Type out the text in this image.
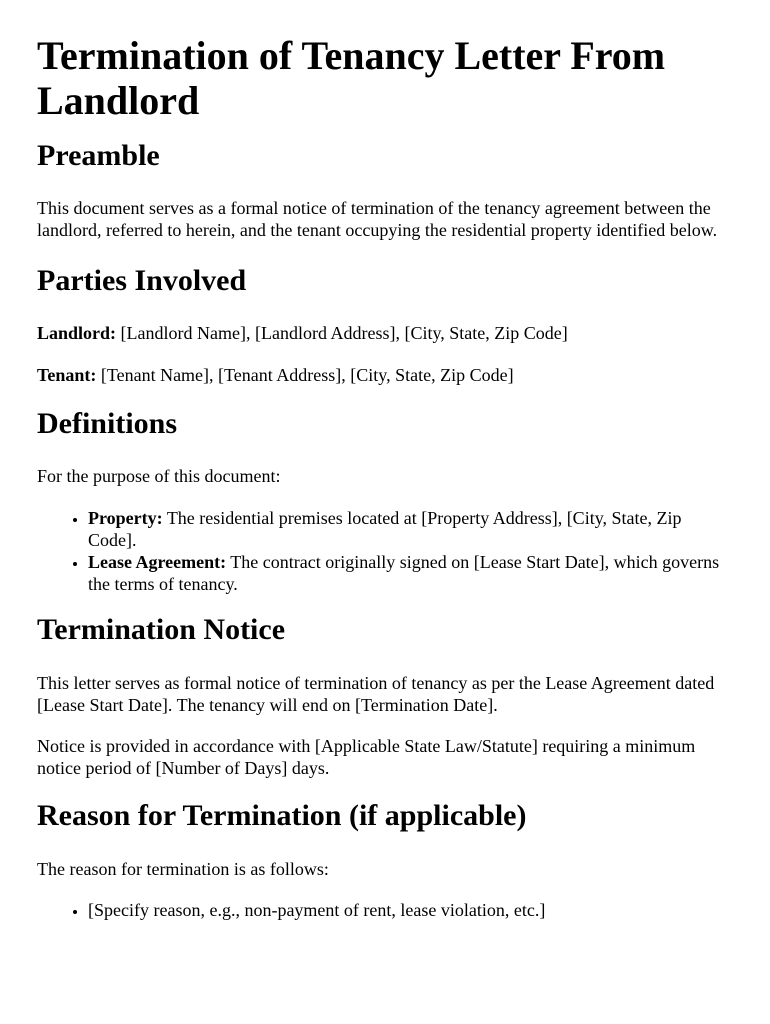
Termination of Tenancy Letter From Landlord
Preamble

This document serves as a formal notice of termination of the tenancy agreement between the landlord, referred to herein, and the tenant occupying the residential property identified below.

Parties Involved

Landlord: [Landlord Name], [Landlord Address], [City, State, Zip Code]

Tenant: [Tenant Name], [Tenant Address], [City, State, Zip Code]

Definitions

For the purpose of this document:

• Property: The residential premises located at [Property Address], [City, State, Zip Code].
• Lease Agreement: The contract originally signed on [Lease Start Date], which governs the terms of tenancy.
Termination Notice

This letter serves as formal notice of termination of tenancy as per the Lease Agreement dated [Lease Start Date]. The tenancy will end on [Termination Date].

Notice is provided in accordance with [Applicable State Law/Statute] requiring a minimum notice period of [Number of Days] days.

Reason for Termination (if applicable)

The reason for termination is as follows:

• [Specify reason, e.g., non-payment of rent, lease violation, etc.]
